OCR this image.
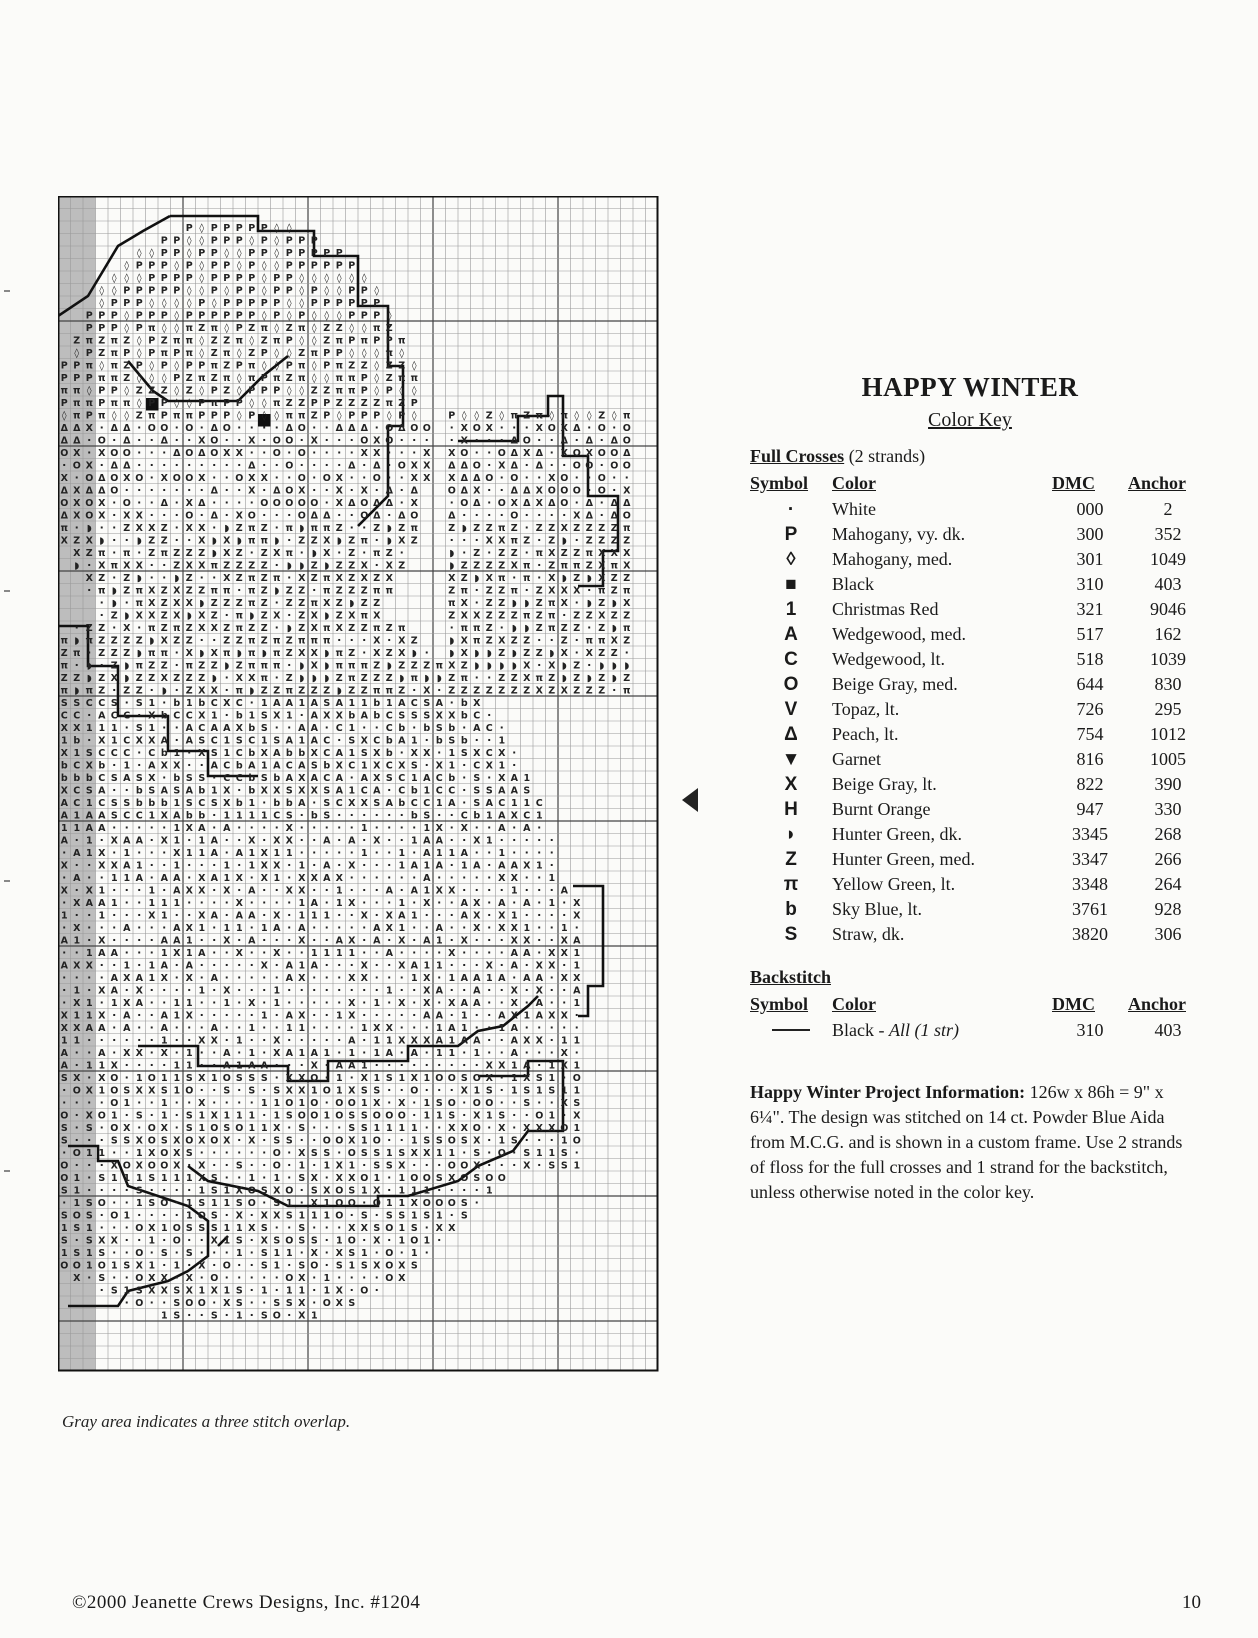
P ◊ P P P P P ◊ ◊
P P ◊ ◊ P P P ◊ P ◊ P P P
◊ ◊ P P ◊ P P ◊ ◊ P P ◊ P P P P P
◊ P P P ◊ P ◊ P P ◊ P ◊ ◊ P P P P P P
◊ ◊ ◊ P P P P ◊ P P P P ◊ P P ◊ ◊ ◊ ◊ ◊ ◊
◊ ◊ P P P P P ◊ ◊ P ◊ P P ◊ P P ◊ P ◊ ◊ P P ◊
◊ P P P ◊ ◊ ◊ ◊ P ◊ P P P P P ◊ ◊ P P P P P P
P P P ◊ P P P ◊ P P P P P P ◊ P ◊ P ◊ ◊ ◊ P P P ◊
P P P ◊ P π ◊ ◊ π Z π ◊ P Z π ◊ Z π ◊ Z Z ◊ ◊ π Z
Z π Z π Z ◊ P Z π π ◊ Z Z π ◊ Z π P ◊ ◊ Z π P π P P π
◊ P Z π P ◊ P π P π ◊ Z π ◊ Z P ◊ ◊ Z π P P ◊ ◊ ◊ π ◊
P P π ◊ π Z P ◊ P ◊ P P π Z P π ◊ ◊ P π ◊ P π Z Z ◊ Z Z ◊
P P P π π Z ◊ ◊ ◊ P Z π Z π ◊ π P π Z π ◊ ◊ π π P ◊ Z π π
π π ◊ P P ◊ Z Z Z ◊ Z ◊ P Z ◊ P P P ◊ ◊ Z Z π π P ◊ P ◊ ◊
P π π P π π ◊ P P ◊ ◊ P π P P ◊ ◊ π Z Z P P Z Z Z Z π Z P
◊ π P π ◊ ◊ Z π P π π P P P ◊ P ◊ ◊ π π Z P ◊ P P P ◊ P ◊	P ◊ ◊ Z ◊ π Z π ◊ π ◊ ◊ Z ◊ π
Δ Δ X · Δ Δ · O O · O · Δ O · · · · Δ O · · Δ Δ Δ · O Δ O O · X O X · · · X O X Δ · O · O
Δ Δ · O · Δ · · Δ · · X O · · X · O O · X · · · O X O · · · · X · · · Δ O · · Δ · Δ · Δ O
O X · X O O · · · Δ O Δ O X X · · O · O · · · · X X · · · X X O · · O Δ X Δ · X O X O O Δ
· O X · Δ Δ · · · · · · · · · Δ · · O · · · · Δ · Δ · O X X Δ Δ O · X Δ · Δ · · O O · O O
X · O Δ O X O · X O O X · · O X X · · O · O X · · O · · X X X Δ Δ O · O · · X O · · O · ·
Δ X Δ Δ O · · · · · · · Δ · · X · Δ O X · · X · X · Δ · Δ	O Δ X · · Δ Δ X O O O · O · X
O X O X · O · · Δ · X Δ · · · · O O O O O · X Δ O Δ Δ · X	· O Δ · O X Δ X Δ O · Δ · Δ Δ
Δ X O X · X X · · · O · Δ · X O · · · O Δ Δ · · O Δ · Δ O	Δ · · · · O · · · · X Δ · Δ O
π · ◗ · · Z X X Z · X X · ◗ Z π Z · π ◗ π π Z · · Z ◗ Z π	Z ◗ Z Z π Z · Z Z X Z Z Z Z π
X Z X ◗ · · ◗ Z Z · · X ◗ X ◗ π π ◗ · Z Z X ◗ Z π · ◗ X Z	· · · X X π Z · Z ◗ · Z Z Z Z
X Z π · π · Z π Z Z Z ◗ X Z · Z X π · ◗ X · Z · π Z ·	◗ · Z · Z Z · π X Z Z π X X X
◗ · X π X X · · Z X X π Z Z Z Z · ◗ ◗ Z ◗ Z Z X · X Z	◗ Z Z Z Z X π · Z π π Z X π X
X Z · Z ◗ · · ◗ Z · · X Z π Z π · X Z π X Z X Z X	X Z ◗ X π · π · X ◗ Z ◗ X Z Z
· π ◗ Z π X Z X Z Z π π · π Z ◗ Z Z · π Z Z Z π π	Z π · Z Z π · Z X X X · π Z π
· ◗ · π X Z X X ◗ Z Z Z π Z · Z Z π X Z ◗ Z Z	π X · Z Z ◗ ◗ Z π X · ◗ Z ◗ X
· Z ◗ X X Z X ◗ X Z · π ◗ Z X · Z X ◗ Z X π X	Z X X Z Z Z π Z π · Z Z X Z Z
· Z Z · X · π Z π Z X X Z π Z Z · ◗ Z X π X Z Z π Z π	· π π Z · ◗ ◗ Z π Z Z · Z ◗ π
π ◗ π Z Z Z Z ◗ X Z Z · · Z Z π Z π Z π π π · · · X · X Z	◗ X π Z X Z Z · · Z · π π X Z
Z π · Z Z Z ◗ π π · X ◗ X π ◗ π ◗ π Z X X ◗ π Z · X Z X ◗ · ◗ X ◗ ◗ Z ◗ Z Z ◗ X · X Z Z ·
π · ◗ · Z ◗ π Z Z · π Z Z ◗ Z π π π · ◗ X ◗ π π π Z ◗ Z Z Z π X Z ◗ ◗ ◗ ◗ X · X ◗ Z · ◗ ◗ ◗
Z Z ◗ Z X ◗ Z Z X Z Z Z ◗ · X X π · Z ◗ ◗ ◗ Z π Z Z Z ◗ π ◗ ◗ Z π · · Z Z X π Z ◗ Z ◗ Z ◗ Z
π ◗ π Z · Z Z · ◗ · Z X X · π ◗ Z Z π Z Z Z ◗ Z Z π π Z · X · Z Z Z Z Z Z Z X Z X Z Z Z · π
S S C C S · S 1 · b 1 b C X C · 1 A A 1 A S A 1 1 b 1 A C S A · b X
C C · A C C · X b C C X 1 · b 1 S X 1 · A X X b A b C S S S X X b C ·
X X 1 1 1 · S 1 · · A C A A X b S · · A A · C 1 · · C b · b S b · A C ·
1 b · X 1 C X X A · A S C 1 S C 1 S A 1 A C · S X C b A 1 · b S b · · 1
X 1 S C C C · C b 1 · X S 1 C b X A b b X C A 1 S X b · X X · 1 S X C X ·
b C X b · 1 · A X X · · A C b A 1 A C A S b X C 1 X C X S · X 1 · C X 1 ·
b b b C S A S X · b S S · C C b S b A X A C A · A X S C 1 A C b · S · X A 1
X C S A · · b S A S A b 1 X · b X X S X X S A 1 C A · C b 1 C C · S S A A S
A C 1 C S S b b b 1 S C S X b 1 · b b A · S C X X S A b C C 1 A · S A C 1 1 C
A 1 A A S C C 1 X A b b · 1 1 1 1 C S · b S · · · · · · b S · · C b 1 A X C 1
1 1 A A · · · · · 1 X A · A · · · · X · · · · · 1 · · · · 1 X · X · · A · A ·
A · 1 · X A A · X 1 · 1 A · · X · X X · · A · A · X · · 1 A A · · X 1 · · · · ·
· A 1 X · 1 · · · X 1 1 A · A 1 X 1 1 · · · · · 1 · · 1 · A 1 1 A · · 1 · · · ·
X · · X X A 1 · · 1 · · · 1 · 1 X X · 1 · A · X · · · 1 A 1 A · 1 A · A A X 1 ·
· A · · 1 1 A · A A · X A 1 X · X 1 · X X A X · · · · · · A · · · · · X X · · 1
X · X 1 · · · 1 · A X X · X · A · · X X · · 1 · · · A · A 1 X X · · · · 1 · · · A
· X A A 1 · · 1 1 1 · · · · X · · · · 1 A · 1 X · · · 1 · X · · A X · A · A · 1 · X
1 · · 1 · · · X 1 · · X A · A A · X · 1 1 1 · · X · X A 1 · · · A X · X 1 · · · · X
· X · · · A · · · A X 1 · 1 1 · 1 A · A · · · · · A X 1 · · A · · X · X X 1 · · 1 ·
A 1 · X · · · · A A 1 · · X · A · · · X · · A X · A · X · A 1 · X · · · X X · · X A
· · 1 A A · · · 1 X 1 A · · X · · X · · 1 1 1 1 · · A · · · · X · · · · A A · X X 1
A X X · · 1 · 1 A · A · · · · · X · A 1 A · · · X · · X A 1 1 · · · X · A · X X · 1
· · · · A X A 1 X · X · A · · · · · A X · · · X X · · · 1 X · 1 A A 1 A · A A · X X
· 1 · X A · X · · · · 1 · X · · · 1 · · · · · · · · 1 · · X A · · A · · X · X · · A
· X 1 · 1 X A · · 1 1 · · 1 · X · 1 · · · · · X · 1 · X · X · X A A · · X · A · · 1
X 1 1 X · A · · A 1 X · · · · · 1 · A X · · 1 X · · · · · A A · 1 · · A X 1 A X X ·
X X A A · A · · A · · · A · · 1 · · 1 1 · · · · 1 X X · · · 1 A 1 · · 1 A · · · · ·
1 1 · · · · · · 1 · · X X · 1 · · X · · · · · A · 1 1 X X X A 1 A A · · A X X · 1 1
A · · A · X X · X · 1 · · A · 1 · X A 1 A 1 · 1 · 1 A · A · 1 1 · 1 · · A · · · X ·
A · 1 1 X · · · · 1 1 · · A 1 A A · · · X · A A 1 · · · · · · · · · X X 1 A · 1 X 1
S X · X O · 1 O 1 1 S X 1 O S S S · X X O · 1 · X 1 S 1 X 1 O O S O X · 1 X S 1 · O
· O X 1 O S X X S 1 O · · S · S · S X X 1 O 1 X S S · · O · · · X 1 S · 1 S 1 S 1 1
· · · · O 1 · · 1 · · X · · · · 1 1 O 1 O · O O 1 X · X · 1 S O · O O · · S · · X S
O · X O 1 · S · 1 · S 1 X 1 1 1 · 1 S O O 1 O S S O O O · 1 1 S · X 1 S · · O 1 · X
S · S · O X · O X · S 1 O S O 1 1 X · S · · · S S 1 1 1 1 · · X X O · X · X X X O 1
S · · · S S X O S X O X O X · X · S S · · O O X 1 O · · 1 S S O S X · 1 S · · · 1 O
· O 1 1 · · 1 X O X S · · · · · · O · X S S · O S S 1 S X X 1 1 · S · O · S 1 1 S ·
O · · · X O X O O X · X · · S · · O · 1 · 1 X 1 · S S X · · · O O X · · · X · S S 1
O 1 · S 1 1 1 S 1 1 1 X S · · 1 · 1 · S X · X X O 1 · 1 O O S X O S O O
S 1 · · · · S · · · · 1 S 1 X O S X O · S X O S 1 X · 1 1 1 · · · · 1
· 1 S O · · 1 S O · 1 S 1 1 S O · S 1 · X 1 O O · O 1 1 X O O O S ·
S O S · O 1 · · · · 1 O S · X · X X S 1 1 1 O · S · S S 1 S 1 · S
1 S 1 · · · O X 1 O S S S 1 1 X S · · S · · · X X S O 1 S · X X
S · S X X · · 1 · O · · X 1 S · X S O S S · 1 O · X · 1 O 1 ·
1 S 1 S · · O · S · S · · · 1 · S 1 1 · X · X S 1 · O · 1 ·
O O 1 O 1 S X 1 · 1 · X · O · · S 1 · S O · S 1 S X O X S
X · S · · O X X · X · O · · · · · O X · 1 · · · · O X
· S 1 S X X S X 1 X 1 S · 1 · 1 1 · 1 X · O ·
· O · · S O O · X S · · S S X · O X S
1 S · · S · 1 · S O · X 1
Gray area indicates a three stitch overlap.
HAPPY WINTER
Color Key
Full Crosses (2 strands)
Symbol	Color	DMC	Anchor
·	White	000	2
P	Mahogany, vy. dk.	300	352
◊	Mahogany, med.	301	1049
■	Black	310	403
1	Christmas Red	321	9046
A	Wedgewood, med.	517	162
C	Wedgewood, lt.	518	1039
O	Beige Gray, med.	644	830
V	Topaz, lt.	726	295
Δ	Peach, lt.	754	1012
▼	Garnet	816	1005
X	Beige Gray, lt.	822	390
H	Burnt Orange	947	330
◗	Hunter Green, dk.	3345	268
Z	Hunter Green, med.	3347	266
π	Yellow Green, lt.	3348	264
b	Sky Blue, lt.	3761	928
S	Straw, dk.	3820	306
Backstitch
Symbol	Color	DMC	Anchor
	Black - All (1 str)	310	403
Happy Winter Project Information: 126w x 86h = 9" x 6¼". The design was stitched on 14 ct. Powder Blue Aida from M.C.G. and is shown in a custom frame. Use 2 strands of floss for the full crosses and 1 strand for the backstitch, unless otherwise noted in the color key.
©2000 Jeanette Crews Designs, Inc. #1204	10
